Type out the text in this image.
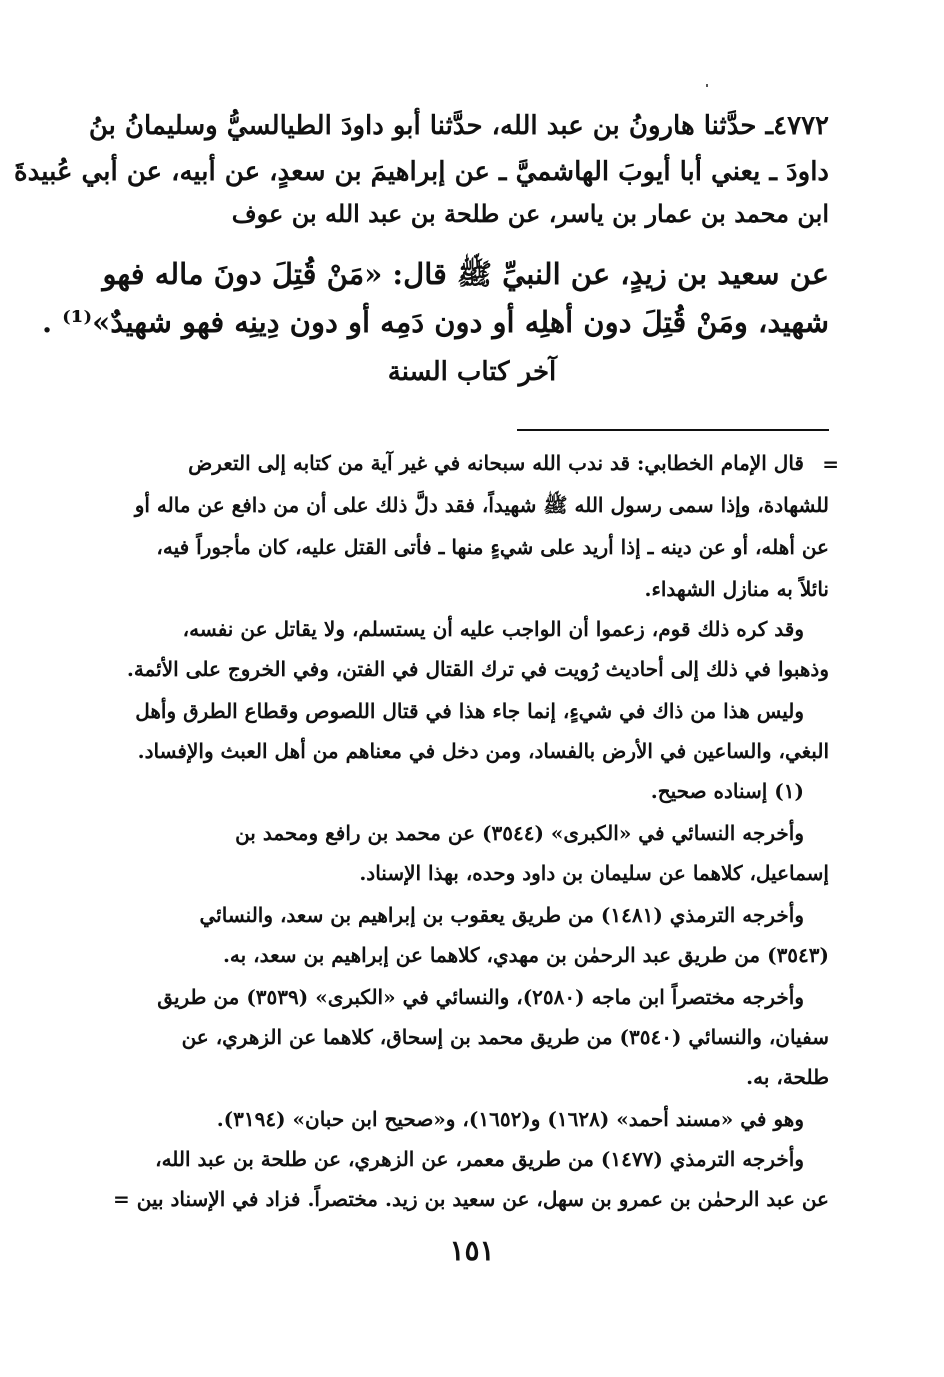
٤٧٧٢ـ حدَّثنا هارونُ بن عبد الله، حدَّثنا أبو داودَ الطيالسيُّ وسليمانُ بنُ
داودَ ـ يعني أبا أيوبَ الهاشميَّ ـ عن إبراهيمَ بن سعدٍ، عن أبيه، عن أبي عُبيدةَ
ابن محمد بن عمار بن ياسر، عن طلحة بن عبد الله بن عوف
عن سعيد بن زيدٍ، عن النبيِّ ﷺ قال: «مَنْ قُتِلَ دونَ ماله فهو
شهيد، ومَنْ قُتِلَ دون أهلِه أو دون دَمِه أو دون دِينِه فهو شهيدٌ»⁽¹⁾ .
آخر كتاب السنة
=
قال الإمام الخطابي: قد ندب الله سبحانه في غير آية من كتابه إلى التعرض
للشهادة، وإذا سمى رسول الله ﷺ شهيداً، فقد دلَّ ذلك على أن من دافع عن ماله أو
عن أهله، أو عن دينه ـ إذا أريد على شيءٍ منها ـ فأتى القتل عليه، كان مأجوراً فيه،
نائلاً به منازل الشهداء.
وقد كره ذلك قوم، زعموا أن الواجب عليه أن يستسلم، ولا يقاتل عن نفسه،
وذهبوا في ذلك إلى أحاديث رُويت في ترك القتال في الفتن، وفي الخروج على الأئمة.
وليس هذا من ذاك في شيءٍ، إنما جاء هذا في قتال اللصوص وقطاع الطرق وأهل
البغي، والساعين في الأرض بالفساد، ومن دخل في معناهم من أهل العبث والإفساد.
(١) إسناده صحيح.
وأخرجه النسائي في «الكبرى» (٣٥٤٤) عن محمد بن رافع ومحمد بن
إسماعيل، كلاهما عن سليمان بن داود وحده، بهذا الإسناد.
وأخرجه الترمذي (١٤٨١) من طريق يعقوب بن إبراهيم بن سعد، والنسائي
(٣٥٤٣) من طريق عبد الرحمٰن بن مهدي، كلاهما عن إبراهيم بن سعد، به.
وأخرجه مختصراً ابن ماجه (٢٥٨٠)، والنسائي في «الكبرى» (٣٥٣٩) من طريق
سفيان، والنسائي (٣٥٤٠) من طريق محمد بن إسحاق، كلاهما عن الزهري، عن
طلحة، به.
وهو في «مسند أحمد» (١٦٢٨) و(١٦٥٢)، و«صحيح ابن حبان» (٣١٩٤).
وأخرجه الترمذي (١٤٧٧) من طريق معمر، عن الزهري، عن طلحة بن عبد الله،
عن عبد الرحمٰن بن عمرو بن سهل، عن سعيد بن زيد. مختصراً. فزاد في الإسناد بين =
١٥١
